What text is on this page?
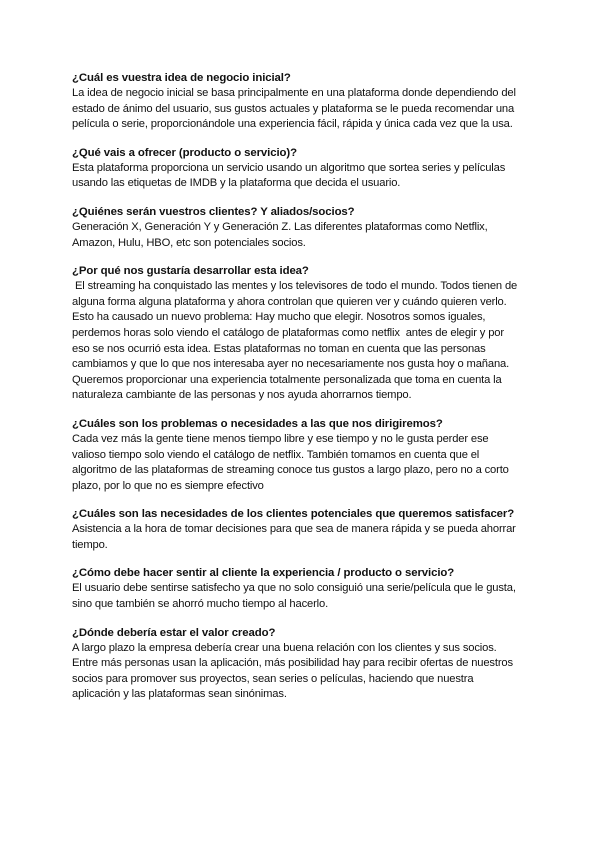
¿Cuál es vuestra idea de negocio inicial?

La idea de negocio inicial se basa principalmente en una plataforma donde dependiendo del
estado de ánimo del usuario, sus gustos actuales y plataforma se le pueda recomendar una
película o serie, proporcionándole una experiencia fácil, rápida y única cada vez que la usa.

¿Qué vais a ofrecer (producto o servicio)?

Esta plataforma proporciona un servicio usando un algoritmo que sortea series y películas
usando las etiquetas de IMDB y la plataforma que decida el usuario.

¿Quiénes serán vuestros clientes? Y aliados/socios?

Generación X, Generación Y y Generación Z. Las diferentes plataformas como Netflix,
Amazon, Hulu, HBO, etc son potenciales socios.

¿Por qué nos gustaría desarrollar esta idea?

El streaming ha conquistado las mentes y los televisores de todo el mundo. Todos tienen de
alguna forma alguna plataforma y ahora controlan que quieren ver y cuándo quieren verlo.
Esto ha causado un nuevo problema: Hay mucho que elegir. Nosotros somos iguales,
perdemos horas solo viendo el catálogo de plataformas como netflix  antes de elegir y por
eso se nos ocurrió esta idea. Estas plataformas no toman en cuenta que las personas
cambiamos y que lo que nos interesaba ayer no necesariamente nos gusta hoy o mañana.
Queremos proporcionar una experiencia totalmente personalizada que toma en cuenta la
naturaleza cambiante de las personas y nos ayuda ahorrarnos tiempo.

¿Cuáles son los problemas o necesidades a las que nos dirigiremos?

Cada vez más la gente tiene menos tiempo libre y ese tiempo y no le gusta perder ese
valioso tiempo solo viendo el catálogo de netflix. También tomamos en cuenta que el
algoritmo de las plataformas de streaming conoce tus gustos a largo plazo, pero no a corto
plazo, por lo que no es siempre efectivo

¿Cuáles son las necesidades de los clientes potenciales que queremos satisfacer?

Asistencia a la hora de tomar decisiones para que sea de manera rápida y se pueda ahorrar
tiempo.

¿Cómo debe hacer sentir al cliente la experiencia / producto o servicio?

El usuario debe sentirse satisfecho ya que no solo consiguió una serie/película que le gusta,
sino que también se ahorró mucho tiempo al hacerlo.

¿Dónde debería estar el valor creado?

A largo plazo la empresa debería crear una buena relación con los clientes y sus socios.
Entre más personas usan la aplicación, más posibilidad hay para recibir ofertas de nuestros
socios para promover sus proyectos, sean series o películas, haciendo que nuestra
aplicación y las plataformas sean sinónimas.
